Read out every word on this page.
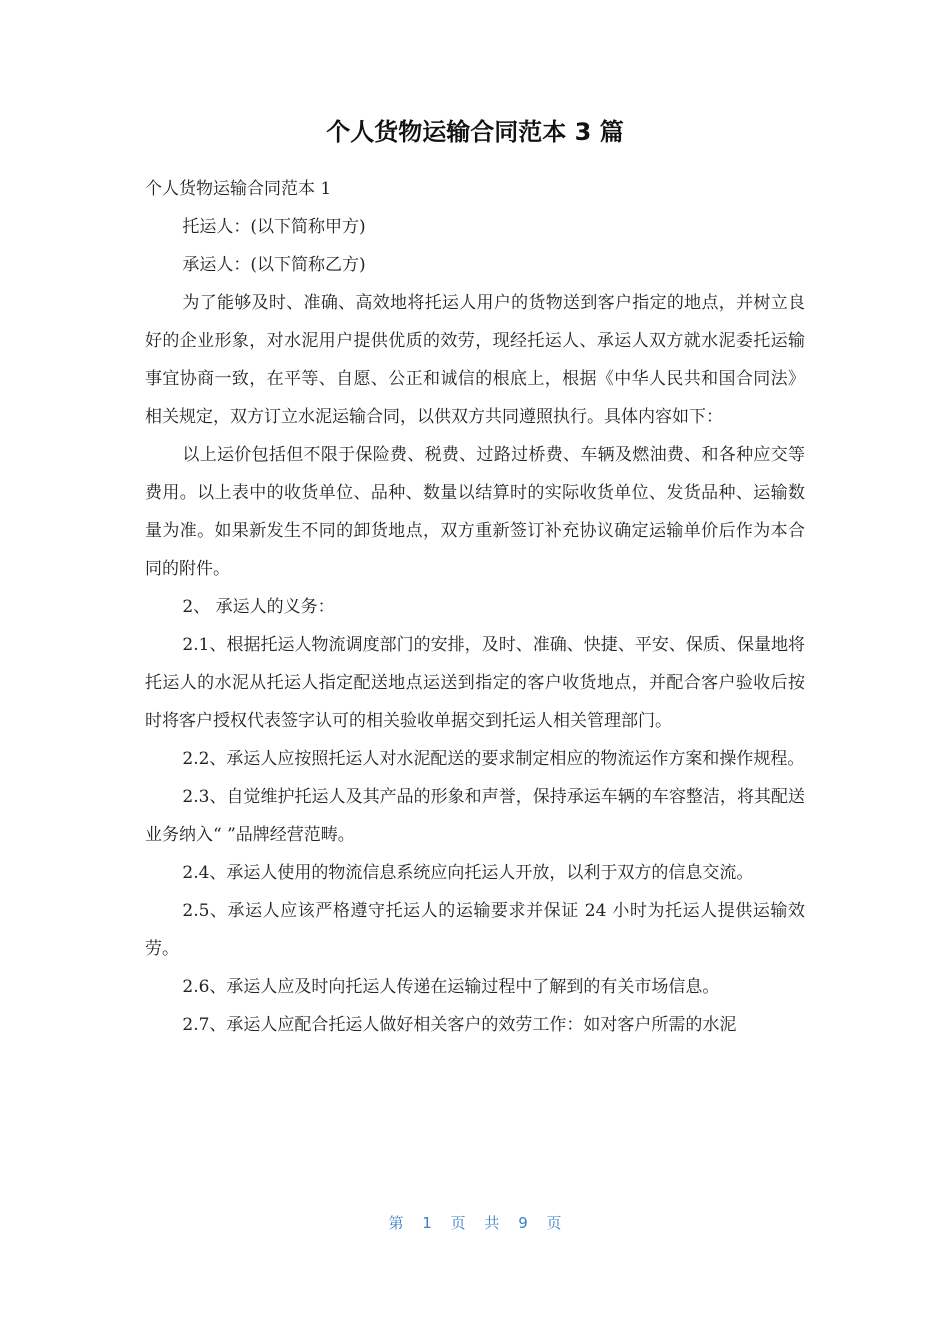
个人货物运输合同范本 3 篇

个人货物运输合同范本 1

托运人：(以下简称甲方)

承运人：(以下简称乙方)

为了能够及时、准确、高效地将托运人用户的货物送到客户指定的地点，并树立良好的企业形象，对水泥用户提供优质的效劳，现经托运人、承运人双方就水泥委托运输事宜协商一致，在平等、自愿、公正和诚信的根底上，根据《中华人民共和国合同法》相关规定，双方订立水泥运输合同，以供双方共同遵照执行。具体内容如下：

以上运价包括但不限于保险费、税费、过路过桥费、车辆及燃油费、和各种应交等费用。以上表中的收货单位、品种、数量以结算时的实际收货单位、发货品种、运输数量为准。如果新发生不同的卸货地点，双方重新签订补充协议确定运输单价后作为本合同的附件。

2、 承运人的义务：

2.1、根据托运人物流调度部门的安排，及时、准确、快捷、平安、保质、保量地将托运人的水泥从托运人指定配送地点运送到指定的客户收货地点，并配合客户验收后按时将客户授权代表签字认可的相关验收单据交到托运人相关管理部门。

2.2、承运人应按照托运人对水泥配送的要求制定相应的物流运作方案和操作规程。

2.3、自觉维护托运人及其产品的形象和声誉，保持承运车辆的车容整洁，将其配送业务纳入“ ”品牌经营范畴。

2.4、承运人使用的物流信息系统应向托运人开放，以利于双方的信息交流。

2.5、承运人应该严格遵守托运人的运输要求并保证 24 小时为托运人提供运输效劳。

2.6、承运人应及时向托运人传递在运输过程中了解到的有关市场信息。

2.7、承运人应配合托运人做好相关客户的效劳工作：如对客户所需的水泥

第 1 页 共 9 页
